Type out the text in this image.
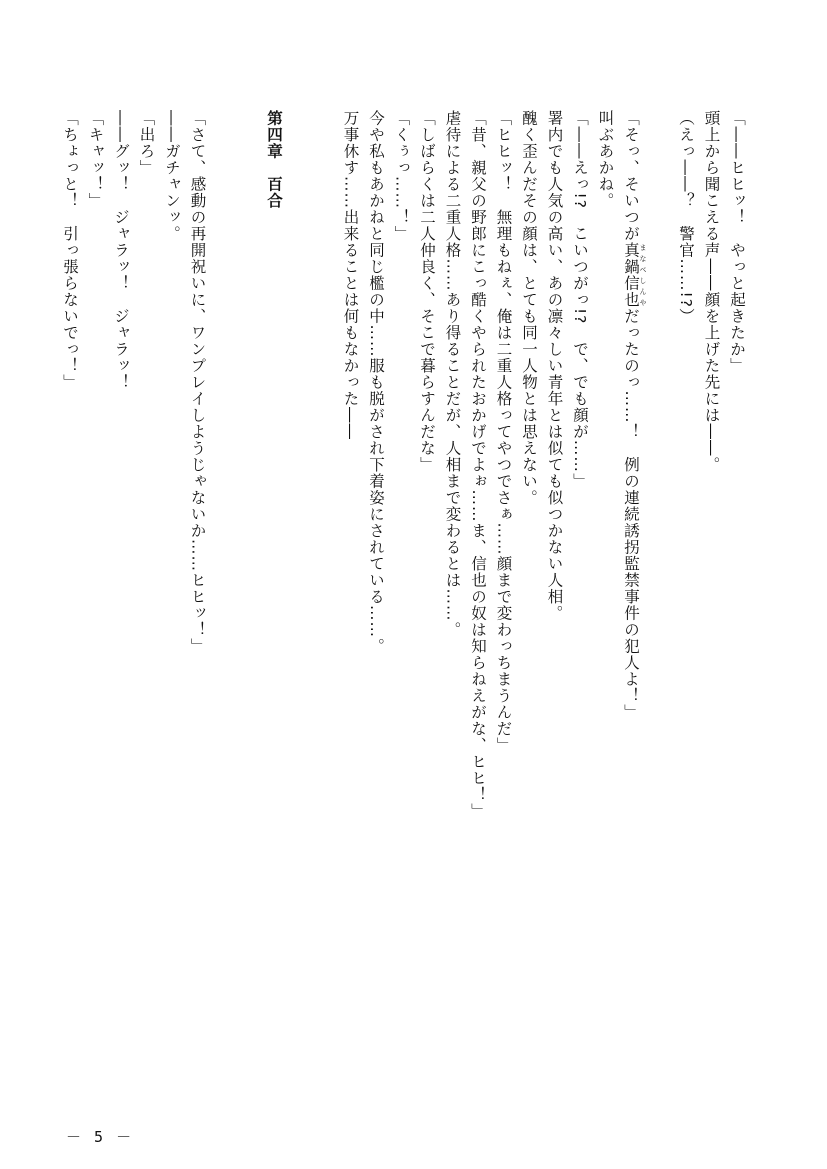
「――ヒヒッ！　やっと起きたか」
頭上から聞こえる声――顔を上げた先には――。
（えっ――？　警官……!?）
「そっ、そいつが真鍋信也 まなべしんやだったのっ……！　例の連続誘拐監禁事件の犯人よ！」
叫ぶあかね。
「――えっ!?　こいつがっ!?　で、でも顔が……」
署内でも人気の高い、あの凛々しい青年とは似ても似つかない人相。
醜く歪んだその顔は、とても同一人物とは思えない。
「ヒヒッ！　無理もねぇ、俺は二重人格ってやつでさぁ……顔まで変わっちまうんだ」
「昔、親父の野郎にこっ酷くやられたおかげでよぉ……ま、信也の奴は知らねえがな、ヒヒ！」
虐待による二重人格……あり得ることだが、人相まで変わるとは……。
「しばらくは二人仲良く、そこで暮らすんだな」
「くぅっ……！」
今や私もあかねと同じ檻の中……服も脱がされ下着姿にされている……。
万事休す……出来ることは何もなかった――
第四章　百合
「さて、感動の再開祝いに、ワンプレイしようじゃないか……ヒヒッ！」
――ガチャンッ。
「出ろ」
――グッ！　ジャラッ！　ジャラッ！
「キャッ！」
「ちょっと！　引っ張らないでっ！」
－ 5 －
